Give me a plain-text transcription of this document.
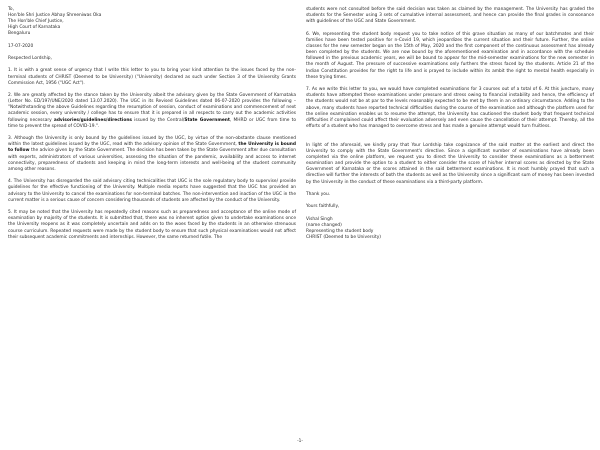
To,
Hon'ble Shri Justice Abhay Shreeniwas Oka
The Hon'ble Chief Justice,
High Court of Karnataka
Bengaluru

17-07-2020

Respected Lordship,

1. It is with a great sense of urgency that I write this letter to you to bring your kind attention to the issues faced by the non-terminal students of CHRIST (Deemed to be University) ("University) declared as such under Section 3 of the University Grants Commission Act, 1956 ("UGC Act").

2. We are greatly affected by the stance taken by the University albeit the advisory given by the State Government of Karnataka (Letter No. ED/197/UNE/2020 dated 13.07.2020). The UGC in its Revised Guidelines dated 06-07-2020 provides the following – "Notwithstanding the above Guidelines regarding the resumption of session, conduct of examinations and commencement of next academic session, every university / college has to ensure that it is prepared in all respects to carry out the academic activities following necessary advisories/guidelines/directions issued by the Central/State Government, MHRD or UGC from time to time to prevent the spread of COVID-19.".

3. Although the University is only bound by the guidelines issued by the UGC, by virtue of the non-obstante clause mentioned within the latest guidelines issued by the UGC, read with the advisory opinion of the State Government, the University is bound to follow the advice given by the State Government. The decision has been taken by the State Government after due consultation with experts, administrators of various universities, assessing the situation of the pandemic, availability and access to internet connectivity, preparedness of students and keeping in mind the long-term interests and well-being of the student community among other reasons.

4. The University has disregarded the said advisory citing technicalities that UGC is the sole regulatory body to supervise/ provide guidelines for the effective functioning of the University. Multiple media reports have suggested that the UGC has provided an advisory to the University to cancel the examinations for non-terminal batches. The non-intervention and inaction of the UGC in the current matter is a serious cause of concern considering thousands of students are affected by the conduct of the University.

5. It may be noted that the University has repeatedly cited reasons such as preparedness and acceptance of the online mode of examination by majority of the students. It is submitted that, there was no inherent option given to undertake examinations once the University reopens as it was completely uncertain and adds on to the woes faced by the students in an otherwise strenuous course curriculum. Repeated requests were made by the student body to ensure that such physical examinations would not affect their subsequent academic commitments and internships. However, the same returned futile. The

students were not consulted before the said decision was taken as claimed by the management. The University has graded the students for the Semester using 3 sets of cumulative internal assessment, and hence can provide the final grades in consonance with guidelines of the UGC and State Government.

6. We, representing the student body request you to take notice of this grave situation as many of our batchmates and their families have been tested positive for n-Covid 19, which jeopardizes the current situation and their future. Further, the online classes for the new semester began on the 15th of May, 2020 and the first component of the continuous assessment has already been completed by the students. We are now bound by the aforementioned examination and in accordance with the schedule followed in the previous academic years, we will be bound to appear for the mid-semester examinations for the new semester in the month of August. The pressure of successive examinations only furthers the stress faced by the students. Article 21 of the Indian Constitution provides for the right to life and is prayed to include within its ambit the right to mental health especially in these trying times.

7. As we write this letter to you, we would have completed examinations for 3 courses out of a total of 6. At this juncture, many students have attempted these examinations under pressure and stress owing to financial instability and hence, the efficiency of the students would not be at par to the levels reasonably expected to be met by them in an ordinary circumstance. Adding to the above, many students have reported technical difficulties during the course of the examination and although the platform used for the online examination enables us to resume the attempt, the University has cautioned the student body that frequent technical difficulties if complained could affect their evaluation adversely and even cause the cancellation of their attempt. Thereby, all the efforts of a student who has managed to overcome stress and has made a genuine attempt would turn fruitless.

In light of the aforesaid, we kindly pray that Your Lordship take cognizance of the said matter at the earliest and direct the University to comply with the State Government's directive. Since a significant number of examinations have already been completed via the online platform, we request you to direct the University to consider these examinations as a betterment examination and provide the option to a student to either consider the score of his/her internal scores as directed by the State Government of Karnataka or the scores attained in the said betterment examinations. It is most humbly prayed that such a directive will further the interests of both the students as well as the University since a significant sum of money has been invested by the University in the conduct of these examinations via a third-party platform.

Thank you.

Yours faithfully,

Vishal Singh
(name changed)
Representing the student body
CHRIST (Deemed to be University)
-1-
